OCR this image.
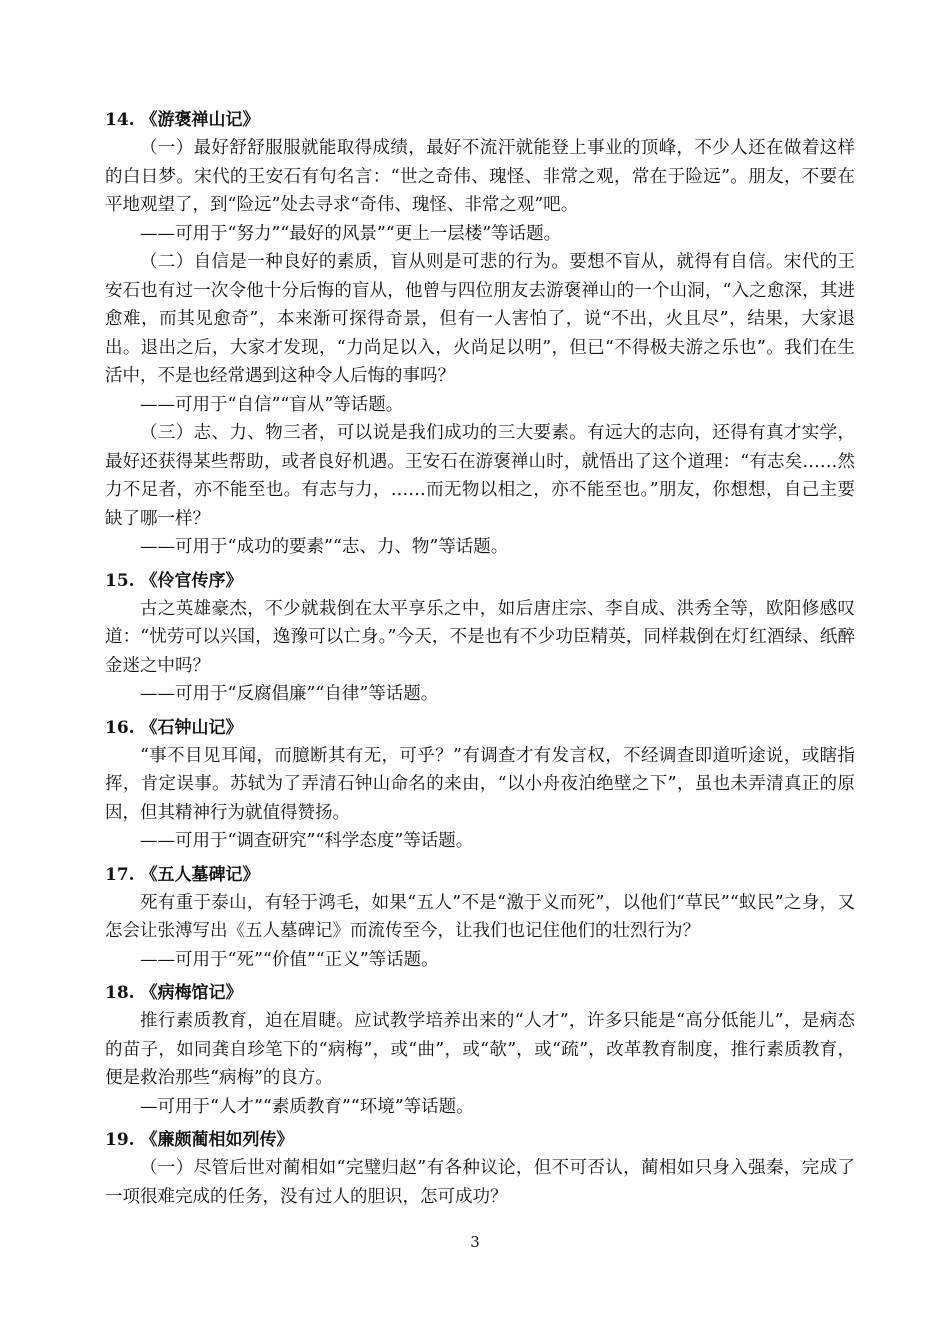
14. 《游褒禅山记》

（一）最好舒舒服服就能取得成绩，最好不流汗就能登上事业的顶峰，不少人还在做着这样的白日梦。宋代的王安石有句名言：“世之奇伟、瑰怪、非常之观，常在于险远”。朋友，不要在平地观望了，到“险远”处去寻求“奇伟、瑰怪、非常之观”吧。

——可用于“努力”“最好的风景”“更上一层楼”等话题。

（二）自信是一种良好的素质，盲从则是可悲的行为。要想不盲从，就得有自信。宋代的王安石也有过一次令他十分后悔的盲从，他曾与四位朋友去游褒禅山的一个山洞，“入之愈深，其进愈难，而其见愈奇”，本来渐可探得奇景，但有一人害怕了，说“不出，火且尽”，结果，大家退出。退出之后，大家才发现，“力尚足以入，火尚足以明”，但已“不得极夫游之乐也”。我们在生活中，不是也经常遇到这种令人后悔的事吗？

——可用于“自信”“盲从”等话题。

（三）志、力、物三者，可以说是我们成功的三大要素。有远大的志向，还得有真才实学，最好还获得某些帮助，或者良好机遇。王安石在游褒禅山时，就悟出了这个道理：“有志矣……然力不足者，亦不能至也。有志与力，……而无物以相之，亦不能至也。”朋友，你想想，自己主要缺了哪一样？

——可用于“成功的要素”“志、力、物”等话题。

15. 《伶官传序》

古之英雄豪杰，不少就栽倒在太平享乐之中，如后唐庄宗、李自成、洪秀全等，欧阳修感叹道：“忧劳可以兴国，逸豫可以亡身。”今天，不是也有不少功臣精英，同样栽倒在灯红酒绿、纸醉金迷之中吗？

——可用于“反腐倡廉”“自律”等话题。

16. 《石钟山记》

“事不目见耳闻，而臆断其有无，可乎？”有调查才有发言权，不经调查即道听途说，或瞎指挥，肯定误事。苏轼为了弄清石钟山命名的来由，“以小舟夜泊绝壁之下”，虽也未弄清真正的原因，但其精神行为就值得赞扬。

——可用于“调查研究”“科学态度”等话题。

17. 《五人墓碑记》

死有重于泰山，有轻于鸿毛，如果“五人”不是“激于义而死”，以他们“草民”“蚁民”之身，又怎会让张溥写出《五人墓碑记》而流传至今，让我们也记住他们的壮烈行为？

——可用于“死”“价值”“正义”等话题。

18. 《病梅馆记》

推行素质教育，迫在眉睫。应试教学培养出来的“人才”，许多只能是“高分低能儿”，是病态的苗子，如同龚自珍笔下的“病梅”，或“曲”，或“欹”，或“疏”，改革教育制度，推行素质教育，便是救治那些“病梅”的良方。

—可用于“人才”“素质教育”“环境”等话题。

19. 《廉颇蔺相如列传》

（一）尽管后世对蔺相如“完璧归赵”有各种议论，但不可否认，蔺相如只身入强秦，完成了一项很难完成的任务，没有过人的胆识，怎可成功？

3
